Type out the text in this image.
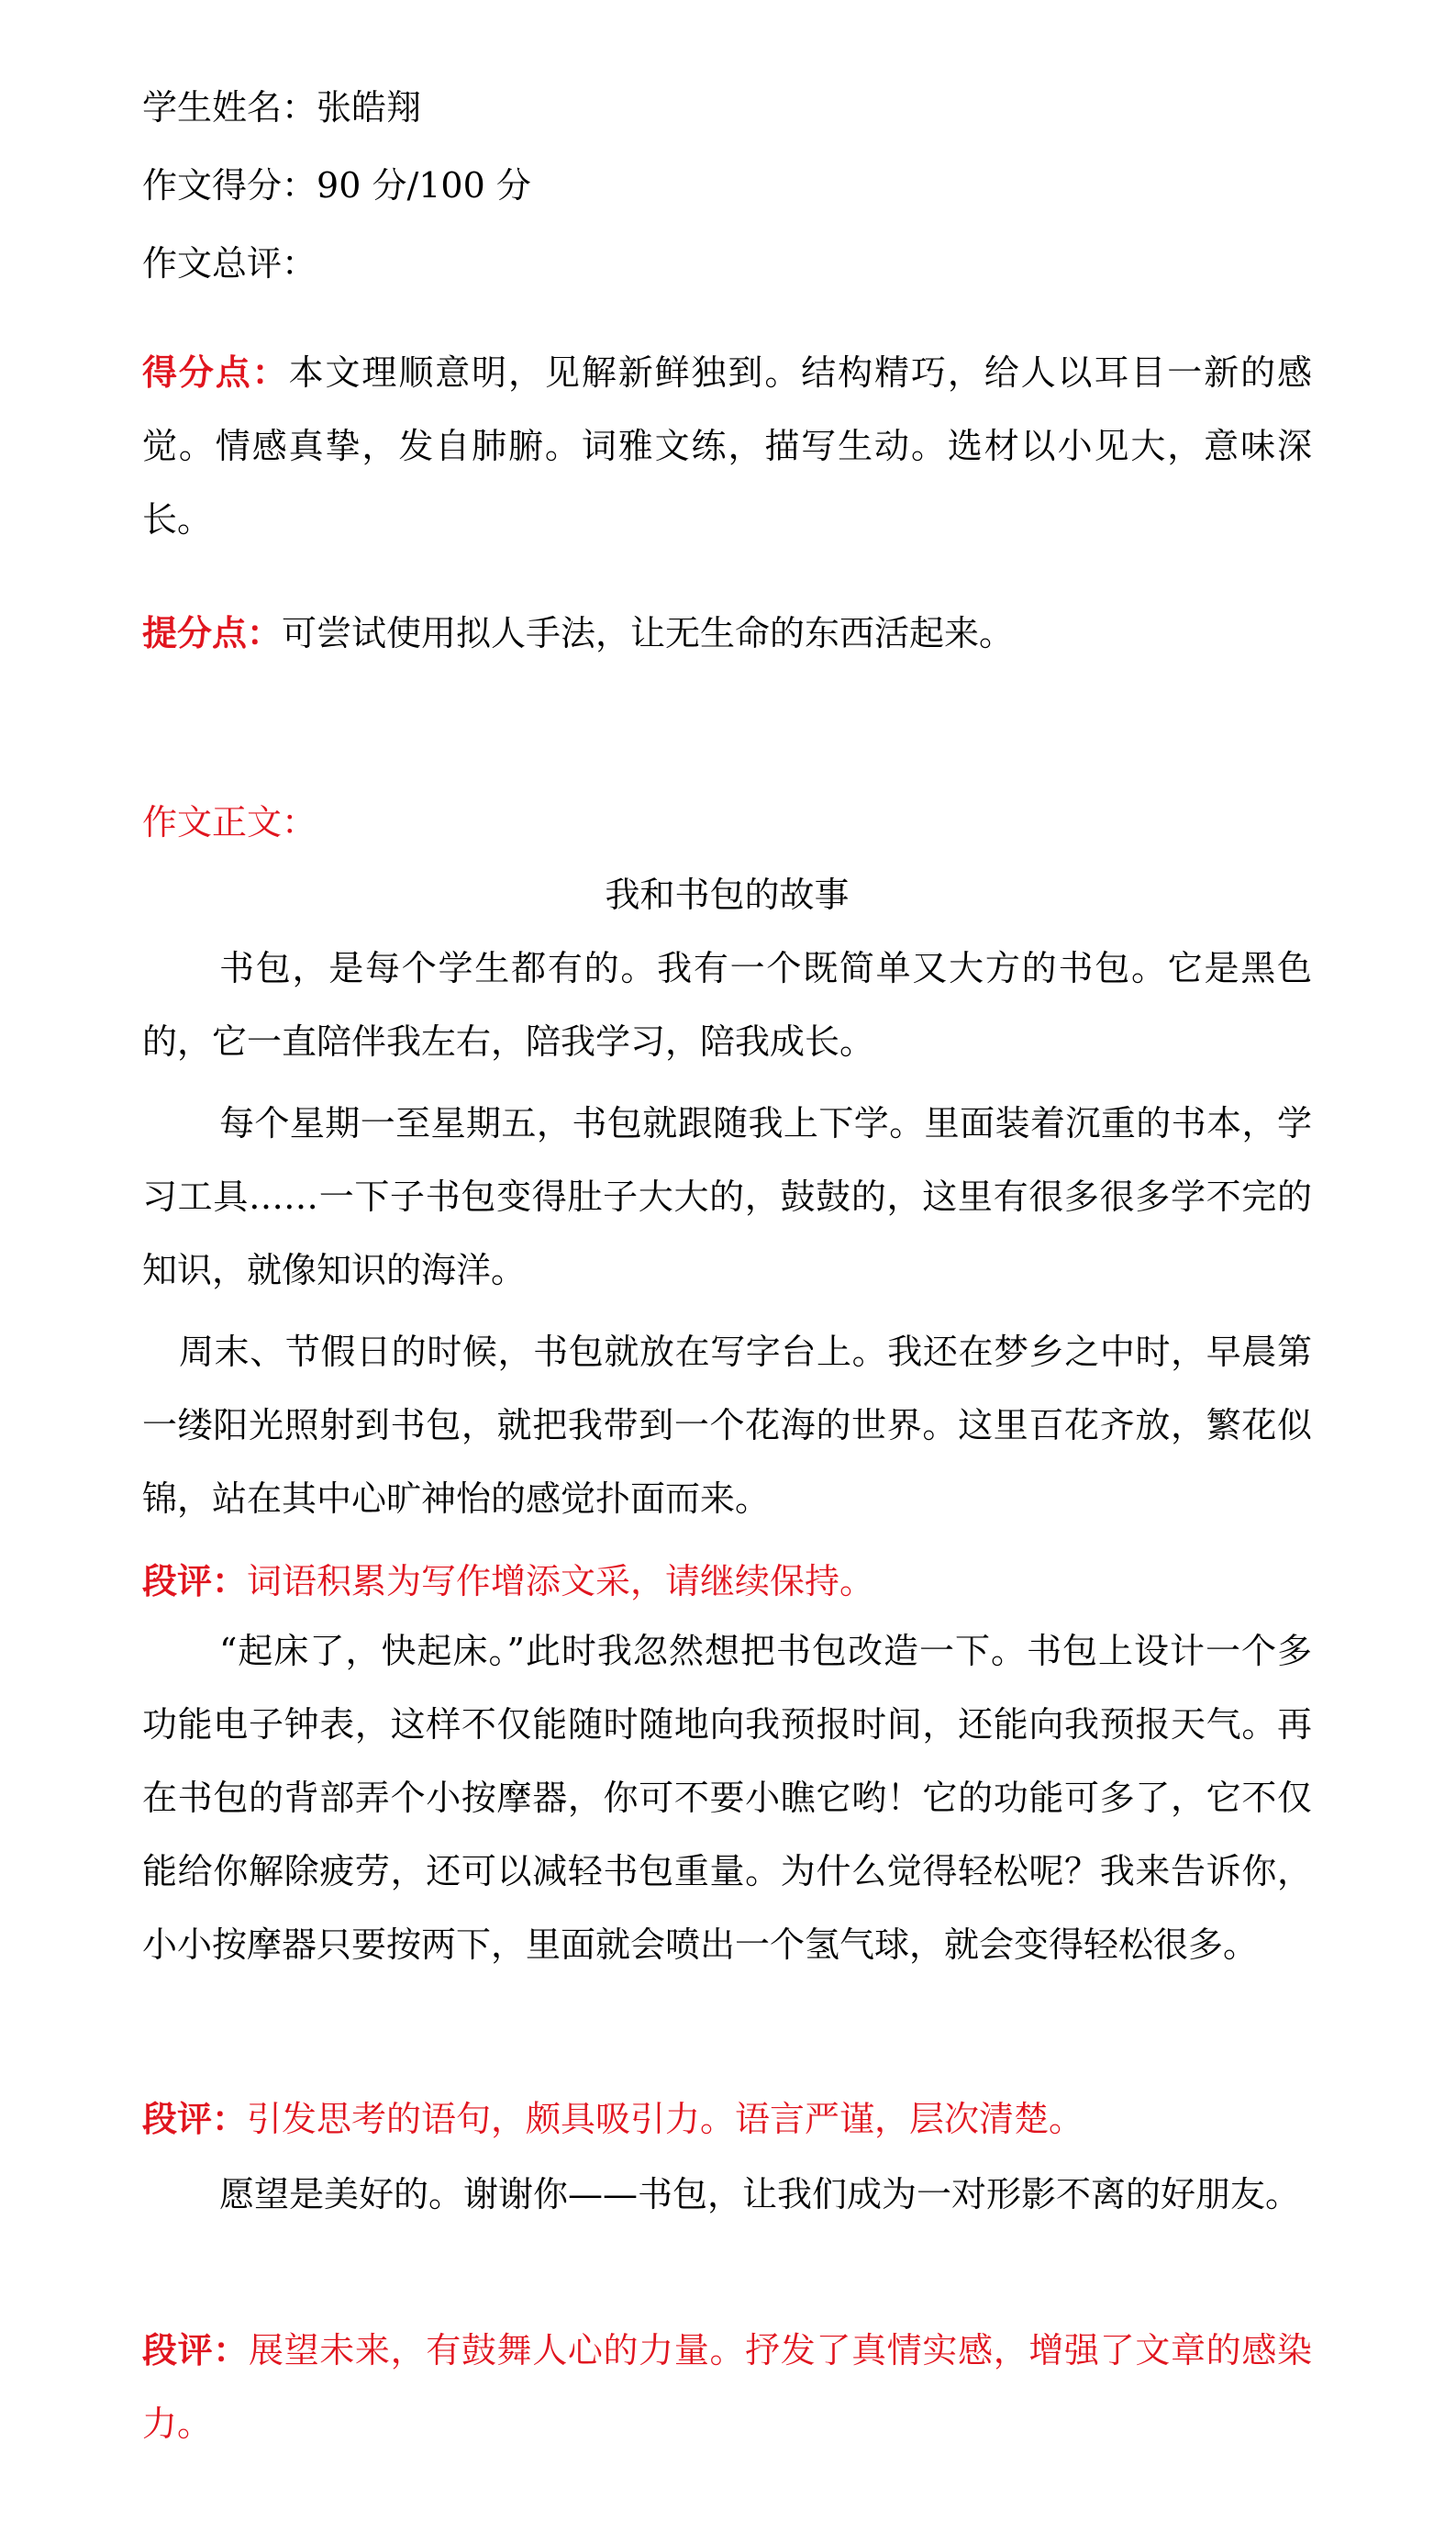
学生姓名：张皓翔
作文得分：90 分/100 分
作文总评：

得分点：本文理顺意明，见解新鲜独到。结构精巧，给人以耳目一新的感觉。情感真挚，发自肺腑。词雅文练，描写生动。选材以小见大，意味深长。

提分点：可尝试使用拟人手法，让无生命的东西活起来。

作文正文：
我和书包的故事

书包，是每个学生都有的。我有一个既简单又大方的书包。它是黑色的，它一直陪伴我左右，陪我学习，陪我成长。

每个星期一至星期五，书包就跟随我上下学。里面装着沉重的书本，学习工具……一下子书包变得肚子大大的，鼓鼓的，这里有很多很多学不完的知识，就像知识的海洋。

周末、节假日的时候，书包就放在写字台上。我还在梦乡之中时，早晨第一缕阳光照射到书包，就把我带到一个花海的世界。这里百花齐放，繁花似锦，站在其中心旷神怡的感觉扑面而来。

段评：词语积累为写作增添文采，请继续保持。

“起床了，快起床。”此时我忽然想把书包改造一下。书包上设计一个多功能电子钟表，这样不仅能随时随地向我预报时间，还能向我预报天气。再在书包的背部弄个小按摩器，你可不要小瞧它哟！它的功能可多了，它不仅能给你解除疲劳，还可以减轻书包重量。为什么觉得轻松呢？我来告诉你，小小按摩器只要按两下，里面就会喷出一个氢气球，就会变得轻松很多。

段评：引发思考的语句，颇具吸引力。语言严谨，层次清楚。

愿望是美好的。谢谢你——书包，让我们成为一对形影不离的好朋友。

段评：展望未来，有鼓舞人心的力量。抒发了真情实感，增强了文章的感染力。
